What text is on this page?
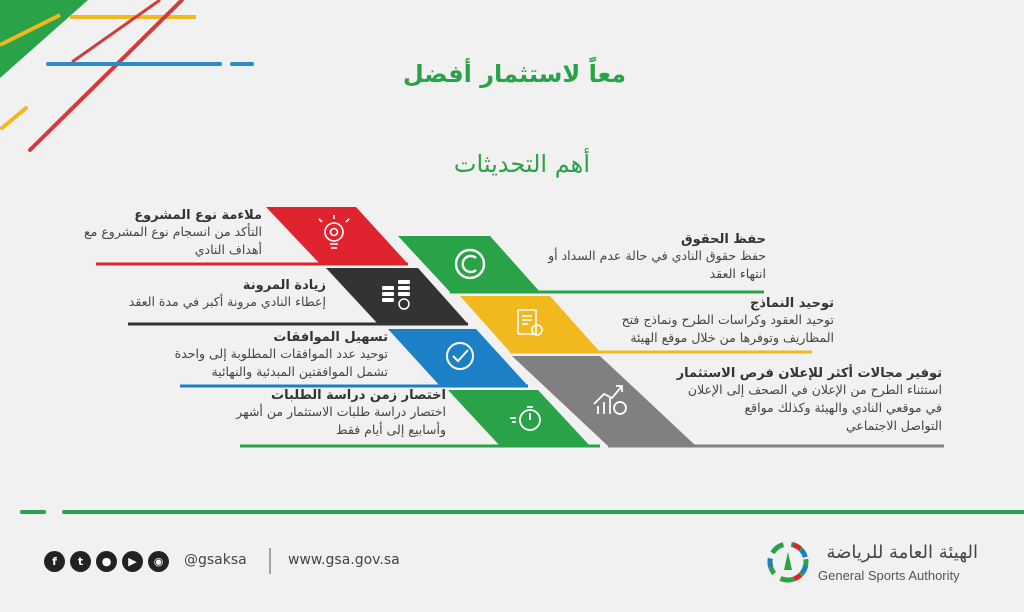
معاً لاستثمار أفضل
أهم التحديثات
ملاءمة نوع المشروع
التأكد من انسجام نوع المشروع مع
أهداف النادي
زيادة المرونة
إعطاء النادي مرونة أكبر في مدة العقد
تسهيل الموافقات
توحيد عدد الموافقات المطلوبة إلى واحدة
تشمل الموافقتين المبدئية والنهائية
اختصار زمن دراسة الطلبات
اختصار دراسة طلبات الاستثمار من أشهر
وأسابيع إلى أيام فقط
حفظ الحقوق
حفظ حقوق النادي في حالة عدم السداد أو
انتهاء العقد
توحيد النماذج
توحيد العقود وكراسات الطرح ونماذج فتح
المظاريف وتوفرها من خلال موقع الهيئة
توفير مجالات أكثر للإعلان فرص الاستثمار
استثناء الطرح من الإعلان في الصحف إلى الإعلان
في موقعي النادي والهيئة وكذلك مواقع
التواصل الاجتماعي
f	t	●	▶	◉	@gsaksa	www.gsa.gov.sa	الهيئة العامة للرياضة
General Sports Authority
